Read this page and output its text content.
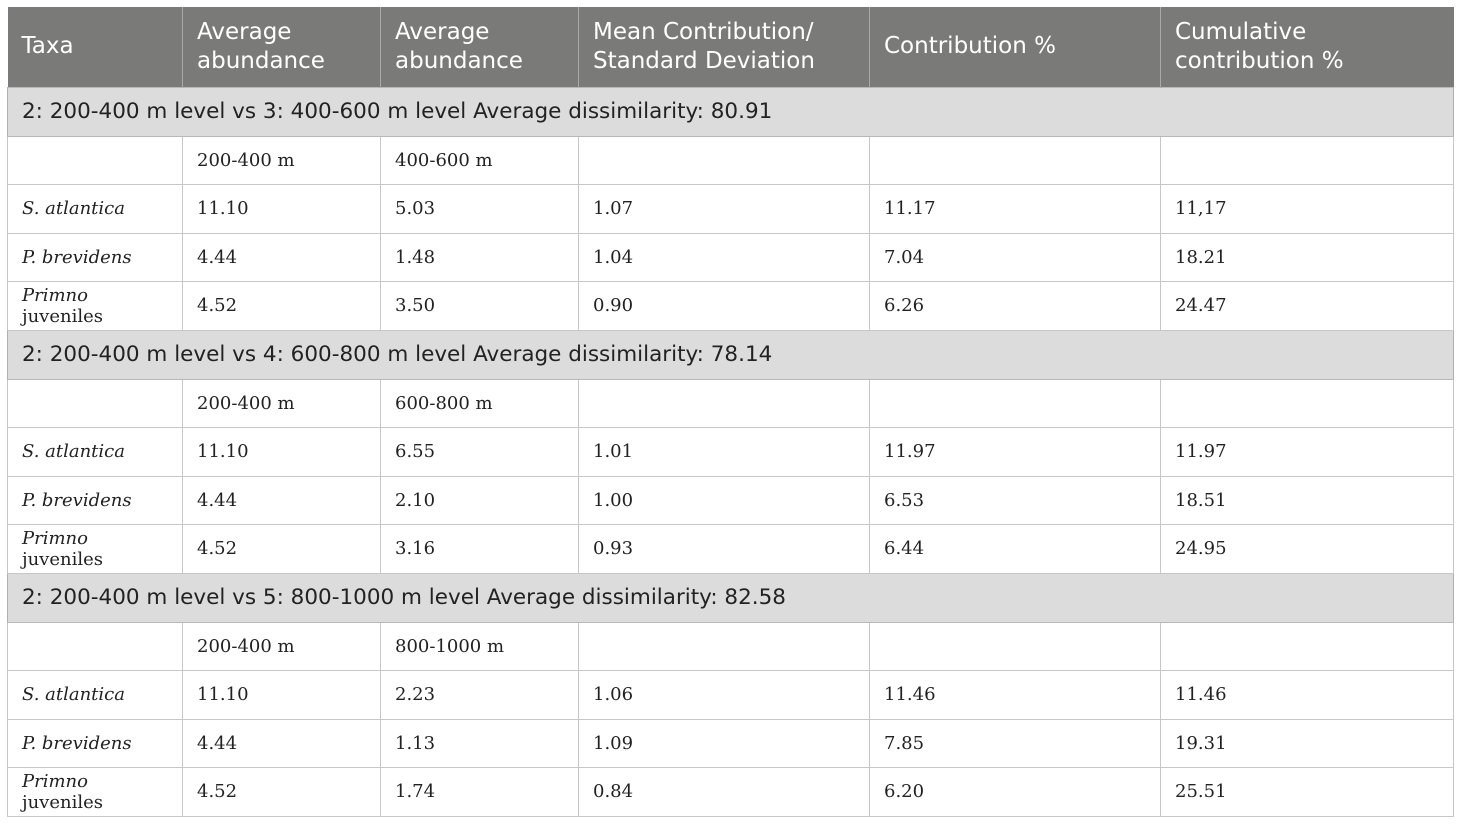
Taxa	Average abundance	Average abundance	Mean Contribution/ Standard Deviation	Contribution %	Cumulative contribution %
2: 200-400 m level vs 3: 400-600 m level Average dissimilarity: 80.91					
	200-400 m	400-600 m			
S. atlantica	11.10	5.03	1.07	11.17	11,17
P. brevidens	4.44	1.48	1.04	7.04	18.21
Primno juveniles	4.52	3.50	0.90	6.26	24.47
2: 200-400 m level vs 4: 600-800 m level Average dissimilarity: 78.14					
	200-400 m	600-800 m			
S. atlantica	11.10	6.55	1.01	11.97	11.97
P. brevidens	4.44	2.10	1.00	6.53	18.51
Primno juveniles	4.52	3.16	0.93	6.44	24.95
2: 200-400 m level vs 5: 800-1000 m level Average dissimilarity: 82.58					
	200-400 m	800-1000 m			
S. atlantica	11.10	2.23	1.06	11.46	11.46
P. brevidens	4.44	1.13	1.09	7.85	19.31
Primno juveniles	4.52	1.74	0.84	6.20	25.51
